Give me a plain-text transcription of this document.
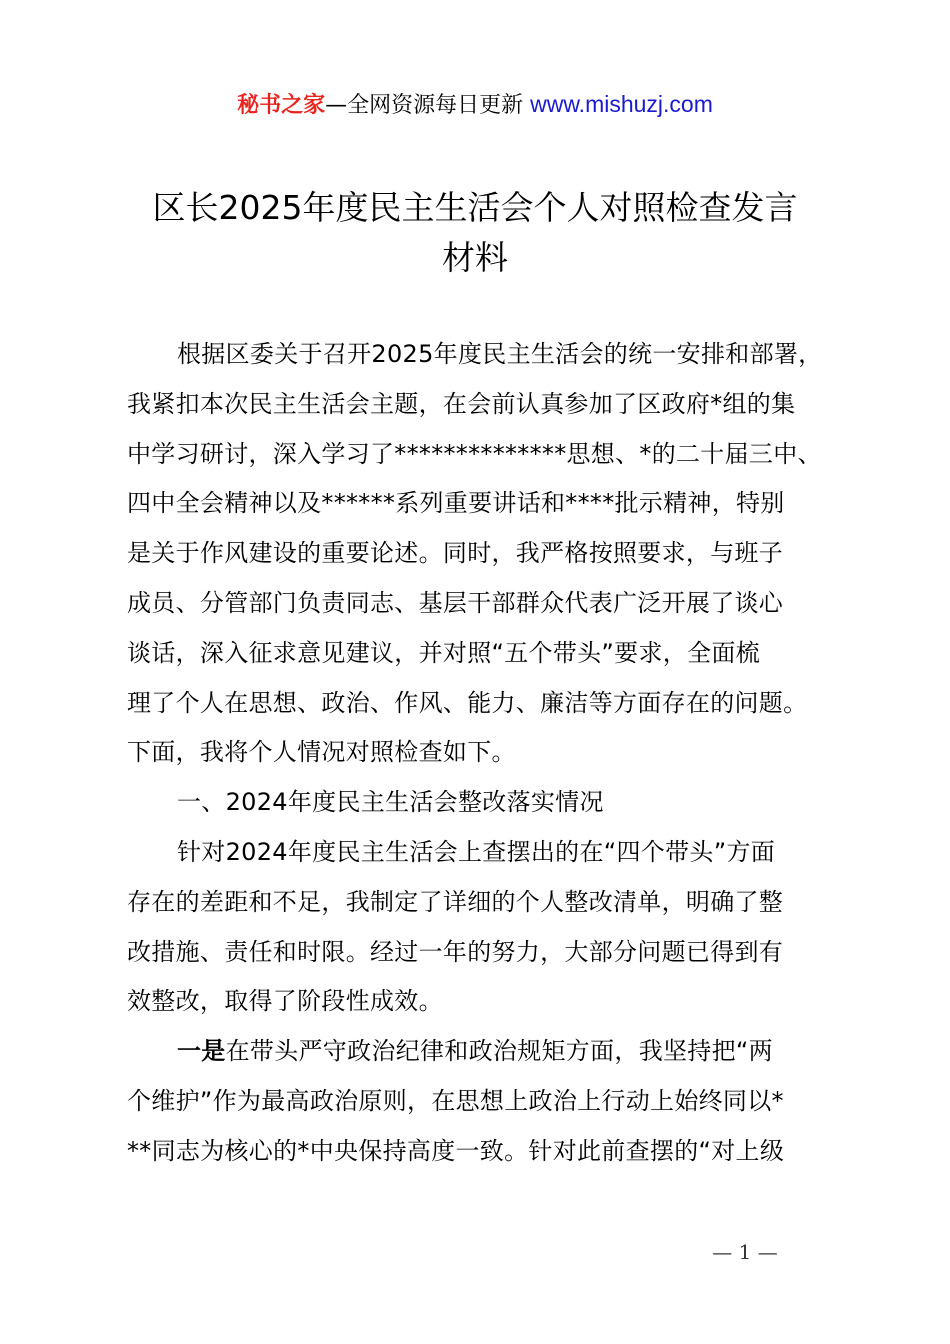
秘书之家—全网资源每日更新 www.mishuzj.com
区长2025年度民主生活会个人对照检查发言
材料
根据区委关于召开2025年度民主生活会的统一安排和部署，
我紧扣本次民主生活会主题，在会前认真参加了区政府*组的集
中学习研讨，深入学习了**************思想、*的二十届三中、
四中全会精神以及******系列重要讲话和****批示精神，特别
是关于作风建设的重要论述。同时，我严格按照要求，与班子
成员、分管部门负责同志、基层干部群众代表广泛开展了谈心
谈话，深入征求意见建议，并对照“五个带头”要求，全面梳
理了个人在思想、政治、作风、能力、廉洁等方面存在的问题。
下面，我将个人情况对照检查如下。
一、2024年度民主生活会整改落实情况
针对2024年度民主生活会上查摆出的在“四个带头”方面
存在的差距和不足，我制定了详细的个人整改清单，明确了整
改措施、责任和时限。经过一年的努力，大部分问题已得到有
效整改，取得了阶段性成效。
一是在带头严守政治纪律和政治规矩方面，我坚持把“两
个维护”作为最高政治原则，在思想上政治上行动上始终同以*
**同志为核心的*中央保持高度一致。针对此前查摆的“对上级
— 1 —
